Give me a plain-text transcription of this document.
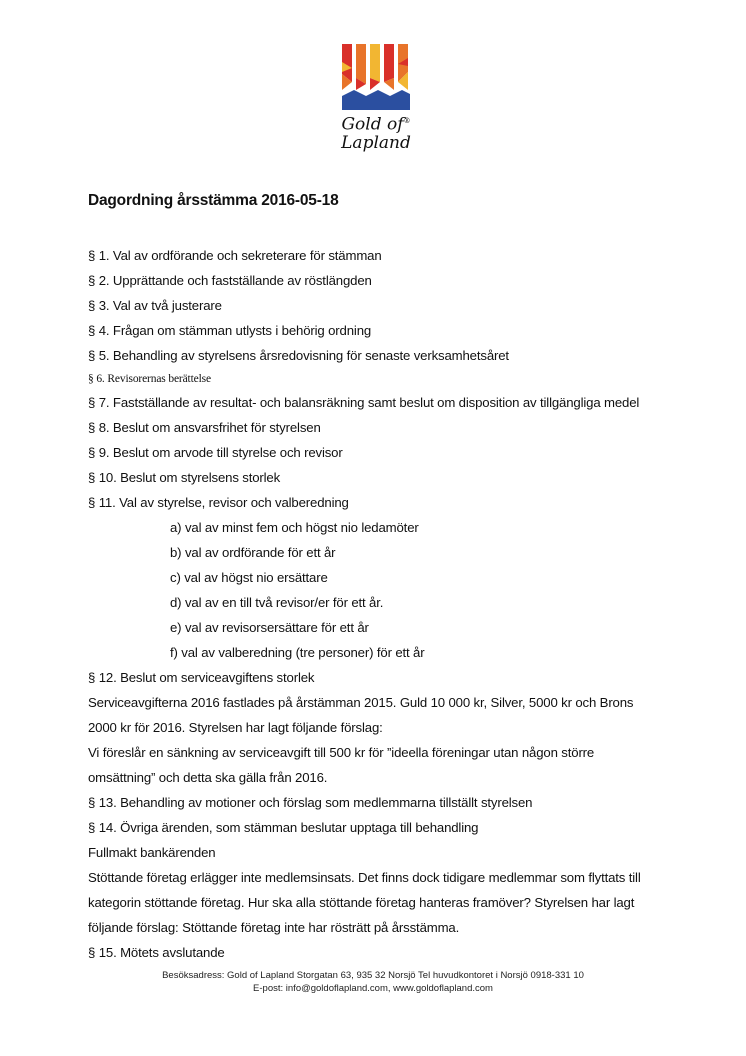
Gold of®
Lapland
Dagordning årsstämma 2016-05-18
§ 1. Val av ordförande och sekreterare för stämman
§ 2. Upprättande och fastställande av röstlängden
§ 3. Val av två justerare
§ 4. Frågan om stämman utlysts i behörig ordning
§ 5. Behandling av styrelsens årsredovisning för senaste verksamhetsåret
§ 6. Revisorernas berättelse
§ 7. Fastställande av resultat- och balansräkning samt beslut om disposition av tillgängliga medel
§ 8. Beslut om ansvarsfrihet för styrelsen
§ 9. Beslut om arvode till styrelse och revisor
§ 10. Beslut om styrelsens storlek
§ 11. Val av styrelse, revisor och valberedning
a) val av minst fem och högst nio ledamöter
b) val av ordförande för ett år
c) val av högst nio ersättare
d) val av en till två revisor/er för ett år.
e) val av revisorsersättare för ett år
f) val av valberedning (tre personer) för ett år
§ 12. Beslut om serviceavgiftens storlek
Serviceavgifterna 2016 fastlades på årstämman 2015. Guld 10 000 kr, Silver, 5000 kr och Brons
2000 kr för 2016. Styrelsen har lagt följande förslag:
Vi föreslår en sänkning av serviceavgift till 500 kr för ”ideella föreningar utan någon större
omsättning” och detta ska gälla från 2016.
§ 13. Behandling av motioner och förslag som medlemmarna tillställt styrelsen
§ 14. Övriga ärenden, som stämman beslutar upptaga till behandling
Fullmakt bankärenden
Stöttande företag erlägger inte medlemsinsats. Det finns dock tidigare medlemmar som flyttats till
kategorin stöttande företag. Hur ska alla stöttande företag hanteras framöver? Styrelsen har lagt
följande förslag: Stöttande företag inte har rösträtt på årsstämma.
§ 15. Mötets avslutande
Besöksadress: Gold of Lapland Storgatan 63, 935 32 Norsjö Tel huvudkontoret i Norsjö 0918-331 10
E-post: info@goldoflapland.com, www.goldoflapland.com
